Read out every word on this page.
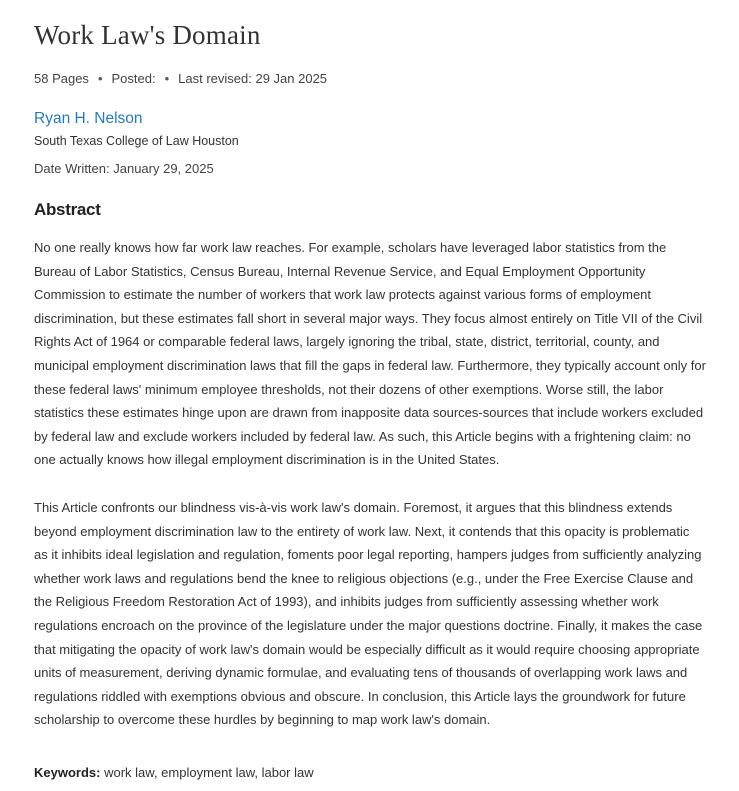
Work Law's Domain
58 Pages • Posted: • Last revised: 29 Jan 2025
Ryan H. Nelson
South Texas College of Law Houston
Date Written: January 29, 2025
Abstract

No one really knows how far work law reaches. For example, scholars have leveraged labor statistics from the Bureau of Labor Statistics, Census Bureau, Internal Revenue Service, and Equal Employment Opportunity Commission to estimate the number of workers that work law protects against various forms of employment discrimination, but these estimates fall short in several major ways. They focus almost entirely on Title VII of the Civil Rights Act of 1964 or comparable federal laws, largely ignoring the tribal, state, district, territorial, county, and municipal employment discrimination laws that fill the gaps in federal law. Furthermore, they typically account only for these federal laws' minimum employee thresholds, not their dozens of other exemptions. Worse still, the labor statistics these estimates hinge upon are drawn from inapposite data sources-sources that include workers excluded by federal law and exclude workers included by federal law. As such, this Article begins with a frightening claim: no one actually knows how illegal employment discrimination is in the United States.

This Article confronts our blindness vis-à-vis work law's domain. Foremost, it argues that this blindness extends beyond employment discrimination law to the entirety of work law. Next, it contends that this opacity is problematic as it inhibits ideal legislation and regulation, foments poor legal reporting, hampers judges from sufficiently analyzing whether work laws and regulations bend the knee to religious objections (e.g., under the Free Exercise Clause and the Religious Freedom Restoration Act of 1993), and inhibits judges from sufficiently assessing whether work regulations encroach on the province of the legislature under the major questions doctrine. Finally, it makes the case that mitigating the opacity of work law's domain would be especially difficult as it would require choosing appropriate units of measurement, deriving dynamic formulae, and evaluating tens of thousands of overlapping work laws and regulations riddled with exemptions obvious and obscure. In conclusion, this Article lays the groundwork for future scholarship to overcome these hurdles by beginning to map work law's domain.

Keywords: work law, employment law, labor law
